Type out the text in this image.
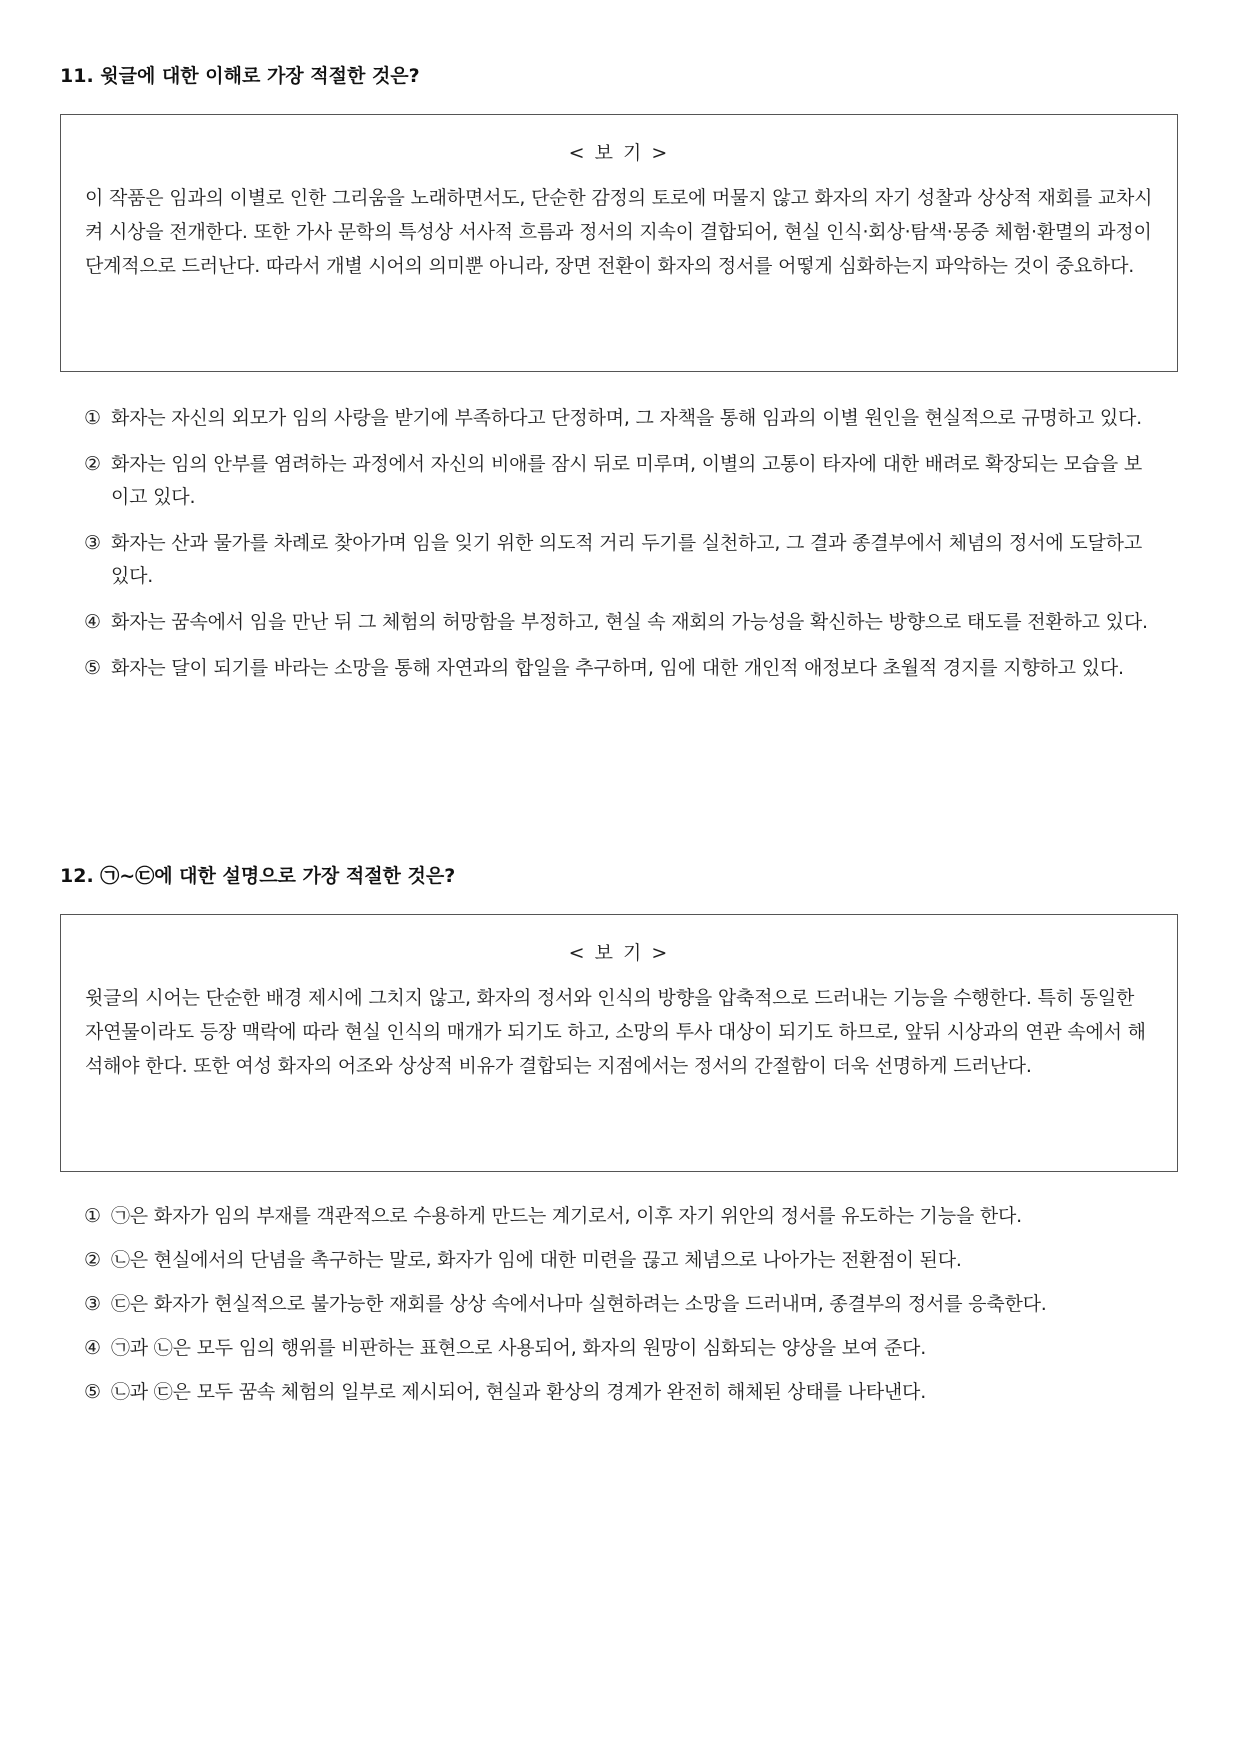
11. 윗글에 대한 이해로 가장 적절한 것은?

< 보 기 >

이 작품은 임과의 이별로 인한 그리움을 노래하면서도, 단순한 감정의 토로에 머물지 않고 화자의 자기 성찰과 상상적 재회를 교차시켜 시상을 전개한다. 또한 가사 문학의 특성상 서사적 흐름과 정서의 지속이 결합되어, 현실 인식·회상·탐색·몽중 체험·환멸의 과정이 단계적으로 드러난다. 따라서 개별 시어의 의미뿐 아니라, 장면 전환이 화자의 정서를 어떻게 심화하는지 파악하는 것이 중요하다.

① 화자는 자신의 외모가 임의 사랑을 받기에 부족하다고 단정하며, 그 자책을 통해 임과의 이별 원인을 현실적으로 규명하고 있다.
② 화자는 임의 안부를 염려하는 과정에서 자신의 비애를 잠시 뒤로 미루며, 이별의 고통이 타자에 대한 배려로 확장되는 모습을 보이고 있다.
③ 화자는 산과 물가를 차례로 찾아가며 임을 잊기 위한 의도적 거리 두기를 실천하고, 그 결과 종결부에서 체념의 정서에 도달하고 있다.
④ 화자는 꿈속에서 임을 만난 뒤 그 체험의 허망함을 부정하고, 현실 속 재회의 가능성을 확신하는 방향으로 태도를 전환하고 있다.
⑤ 화자는 달이 되기를 바라는 소망을 통해 자연과의 합일을 추구하며, 임에 대한 개인적 애정보다 초월적 경지를 지향하고 있다.
12. ㉠~㉢에 대한 설명으로 가장 적절한 것은?

< 보 기 >

윗글의 시어는 단순한 배경 제시에 그치지 않고, 화자의 정서와 인식의 방향을 압축적으로 드러내는 기능을 수행한다. 특히 동일한 자연물이라도 등장 맥락에 따라 현실 인식의 매개가 되기도 하고, 소망의 투사 대상이 되기도 하므로, 앞뒤 시상과의 연관 속에서 해석해야 한다. 또한 여성 화자의 어조와 상상적 비유가 결합되는 지점에서는 정서의 간절함이 더욱 선명하게 드러난다.

① ㉠은 화자가 임의 부재를 객관적으로 수용하게 만드는 계기로서, 이후 자기 위안의 정서를 유도하는 기능을 한다.
② ㉡은 현실에서의 단념을 촉구하는 말로, 화자가 임에 대한 미련을 끊고 체념으로 나아가는 전환점이 된다.
③ ㉢은 화자가 현실적으로 불가능한 재회를 상상 속에서나마 실현하려는 소망을 드러내며, 종결부의 정서를 응축한다.
④ ㉠과 ㉡은 모두 임의 행위를 비판하는 표현으로 사용되어, 화자의 원망이 심화되는 양상을 보여 준다.
⑤ ㉡과 ㉢은 모두 꿈속 체험의 일부로 제시되어, 현실과 환상의 경계가 완전히 해체된 상태를 나타낸다.
